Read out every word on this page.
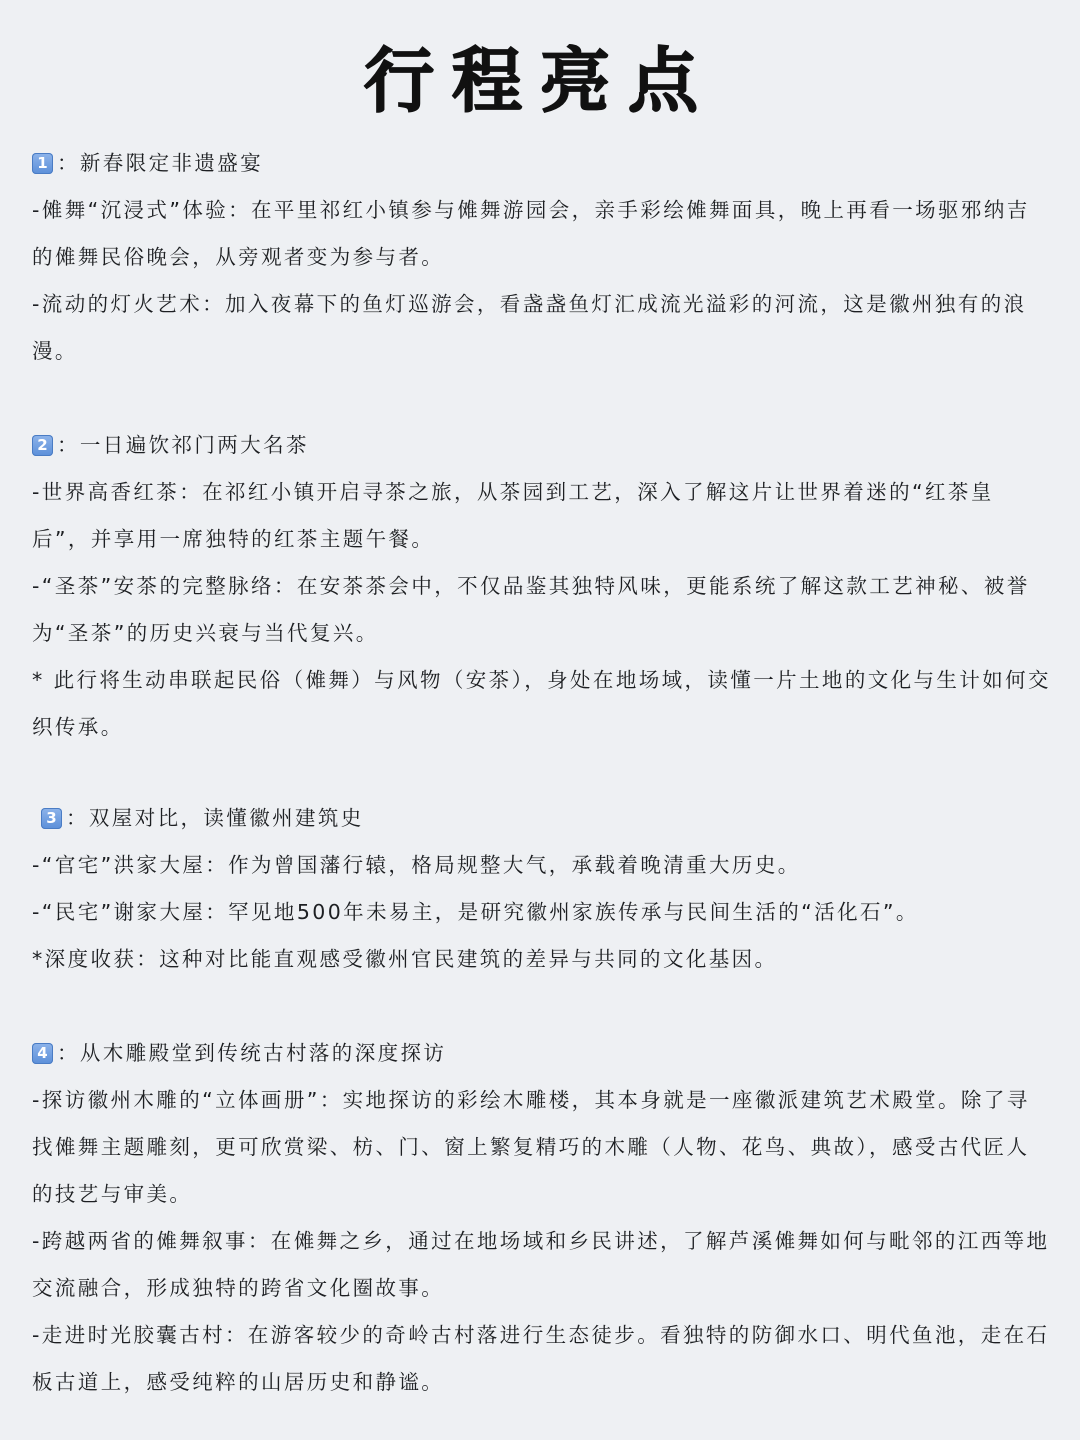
行程亮点
1 ：新春限定非遗盛宴

-傩舞“沉浸式”体验：在平里祁红小镇参与傩舞游园会，亲手彩绘傩舞面具，晚上再看一场驱邪纳吉的傩舞民俗晚会，从旁观者变为参与者。

-流动的灯火艺术：加入夜幕下的鱼灯巡游会，看盏盏鱼灯汇成流光溢彩的河流，这是徽州独有的浪漫。

2 ：一日遍饮祁门两大名茶

-世界高香红茶：在祁红小镇开启寻茶之旅，从茶园到工艺，深入了解这片让世界着迷的“红茶皇后”，并享用一席独特的红茶主题午餐。

-“圣茶”安茶的完整脉络：在安茶茶会中，不仅品鉴其独特风味，更能系统了解这款工艺神秘、被誉为“圣茶”的历史兴衰与当代复兴。

* 此行将生动串联起民俗（傩舞）与风物（安茶），身处在地场域，读懂一片土地的文化与生计如何交织传承。

3 ：双屋对比，读懂徽州建筑史

-“官宅”洪家大屋：作为曾国藩行辕，格局规整大气，承载着晚清重大历史。

-“民宅”谢家大屋：罕见地500年未易主，是研究徽州家族传承与民间生活的“活化石”。

*深度收获：这种对比能直观感受徽州官民建筑的差异与共同的文化基因。

4 ：从木雕殿堂到传统古村落的深度探访

-探访徽州木雕的“立体画册”：实地探访的彩绘木雕楼，其本身就是一座徽派建筑艺术殿堂。除了寻找傩舞主题雕刻，更可欣赏梁、枋、门、窗上繁复精巧的木雕（人物、花鸟、典故），感受古代匠人的技艺与审美。

-跨越两省的傩舞叙事：在傩舞之乡，通过在地场域和乡民讲述，了解芦溪傩舞如何与毗邻的江西等地交流融合，形成独特的跨省文化圈故事。

-走进时光胶囊古村：在游客较少的奇岭古村落进行生态徒步。看独特的防御水口、明代鱼池，走在石板古道上，感受纯粹的山居历史和静谧。
